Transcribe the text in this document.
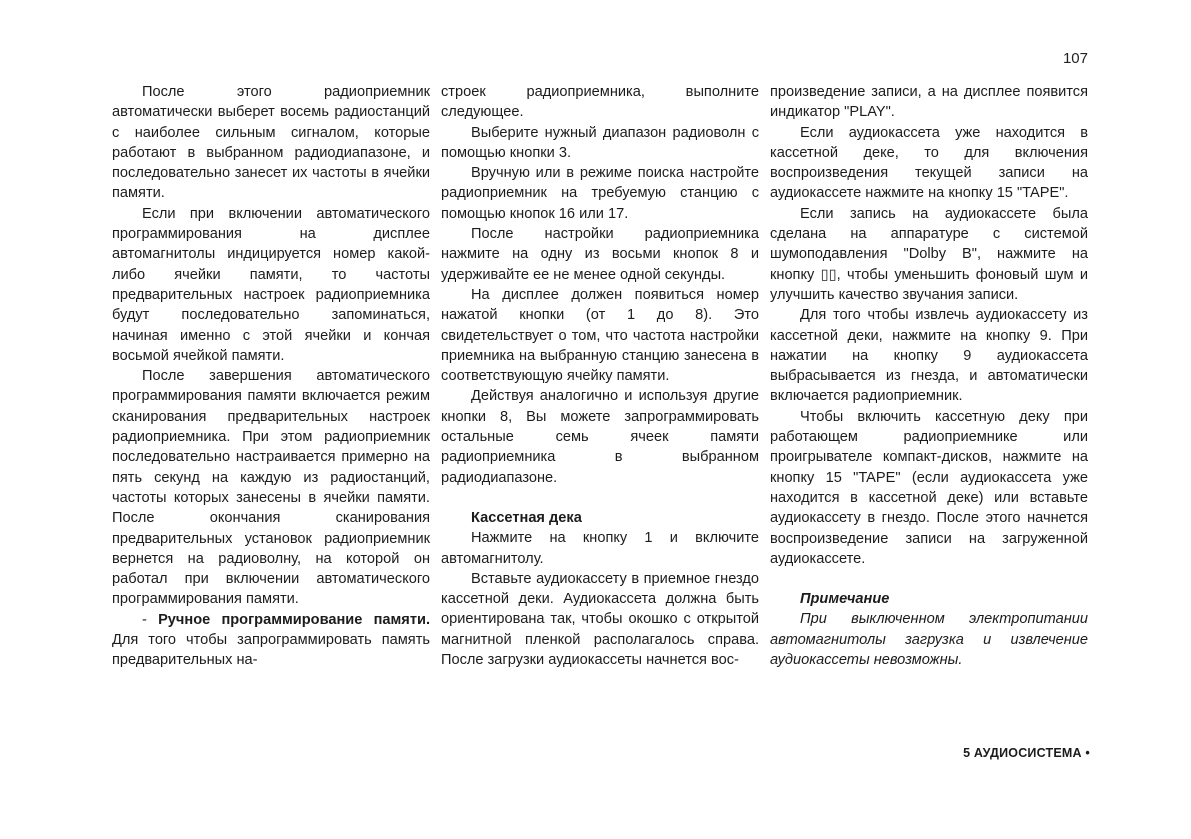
107

После этого радиоприемник автоматически выберет восемь радиостанций с наиболее сильным сигналом, которые работают в выбранном радиодиапазоне, и последовательно занесет их частоты в ячейки памяти.

Если при включении автоматического программирования на дисплее автомагнитолы индицируется номер какой-либо ячейки памяти, то частоты предварительных настроек радиоприемника будут последовательно запоминаться, начиная именно с этой ячейки и кончая восьмой ячейкой памяти.

После завершения автоматического программирования памяти включается режим сканирования предварительных настроек радиоприемника. При этом радиоприемник последовательно настраивается примерно на пять секунд на каждую из радиостанций, частоты которых занесены в ячейки памяти. После окончания сканирования предварительных установок радиоприемник вернется на радиоволну, на которой он работал при включении автоматического программирования памяти.

‑ Ручное программирование памяти. Для того чтобы запрограммировать память предварительных на-

строек радиоприемника, выполните следующее.

Выберите нужный диапазон радиоволн с помощью кнопки 3.

Вручную или в режиме поиска настройте радиоприемник на требуемую станцию с помощью кнопок 16 или 17.

После настройки радиоприемника нажмите на одну из восьми кнопок 8 и удерживайте ее не менее одной секунды.

На дисплее должен появиться номер нажатой кнопки (от 1 до 8). Это свидетельствует о том, что частота настройки приемника на выбранную станцию занесена в соответствующую ячейку памяти.

Действуя аналогично и используя другие кнопки 8, Вы можете запрограммировать остальные семь ячеек памяти радиоприемника в выбранном радиодиапазоне.

Кассетная дека

Нажмите на кнопку 1 и включите автомагнитолу.

Вставьте аудиокассету в приемное гнездо кассетной деки. Аудиокассета должна быть ориентирована так, чтобы окошко с открытой магнитной пленкой располагалось справа. После загрузки аудиокассеты начнется вос-

произведение записи, а на дисплее появится индикатор "PLAY".

Если аудиокассета уже находится в кассетной деке, то для включения воспроизведения текущей записи на аудиокассете нажмите на кнопку 15 "TAPE".

Если запись на аудиокассете была сделана на аппаратуре с системой шумоподавления "Dolby B", нажмите на кнопку ▯▯, чтобы уменьшить фоновый шум и улучшить качество звучания записи.

Для того чтобы извлечь аудиокассету из кассетной деки, нажмите на кнопку 9. При нажатии на кнопку 9 аудиокассета выбрасывается из гнезда, и автоматически включается радиоприемник.

Чтобы включить кассетную деку при работающем радиоприемнике или проигрывателе компакт-дисков, нажмите на кнопку 15 "TAPE" (если аудиокассета уже находится в кассетной деке) или вставьте аудиокассету в гнездо. После этого начнется воспроизведение записи на загруженной аудиокассете.

Примечание

При выключенном электропитании автомагнитолы загрузка и извлечение аудиокассеты невозможны.

5 АУДИОСИСТЕМА •
